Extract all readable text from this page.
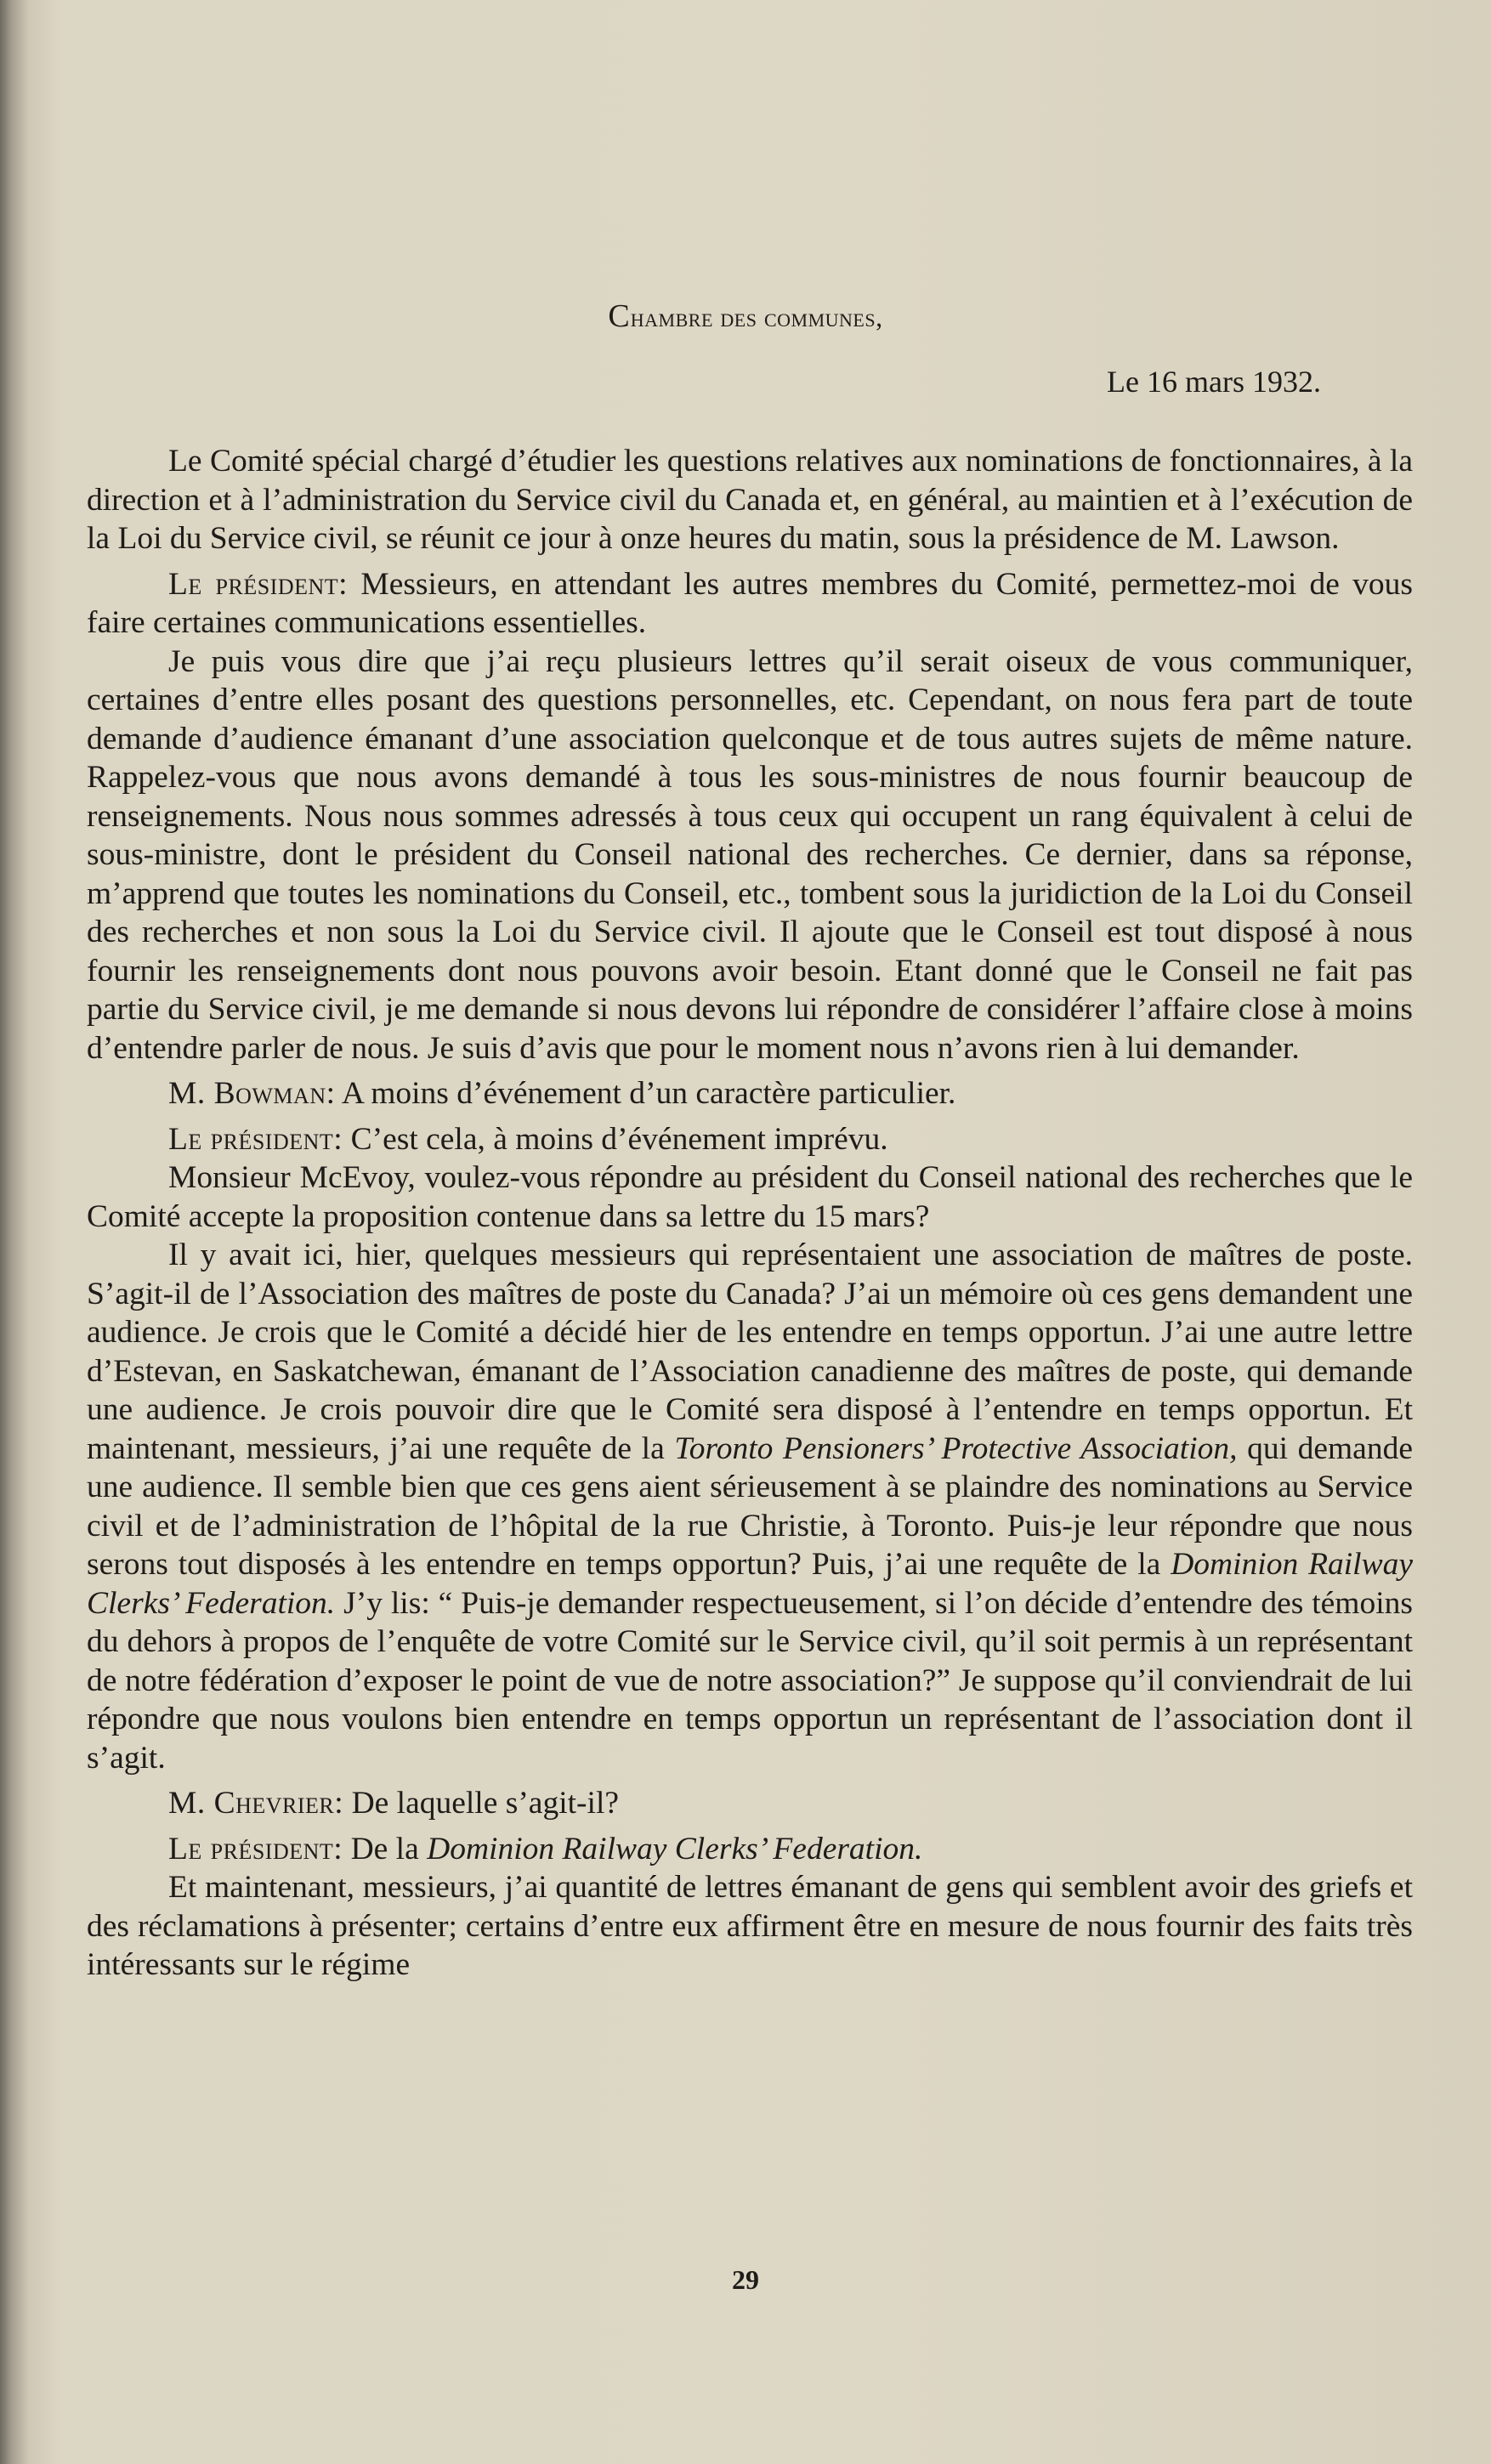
Chambre des communes,
Le 16 mars 1932.

Le Comité spécial chargé d’étudier les questions relatives aux nominations de fonctionnaires, à la direction et à l’administration du Service civil du Canada et, en général, au maintien et à l’exécution de la Loi du Service civil, se réunit ce jour à onze heures du matin, sous la présidence de M. Lawson.

Le président: Messieurs, en attendant les autres membres du Comité, permettez-moi de vous faire certaines communications essentielles.

Je puis vous dire que j’ai reçu plusieurs lettres qu’il serait oiseux de vous communiquer, certaines d’entre elles posant des questions personnelles, etc. Cependant, on nous fera part de toute demande d’audience émanant d’une association quelconque et de tous autres sujets de même nature. Rappelez-vous que nous avons demandé à tous les sous-ministres de nous fournir beaucoup de renseignements. Nous nous sommes adressés à tous ceux qui occupent un rang équivalent à celui de sous-ministre, dont le président du Conseil national des recherches. Ce dernier, dans sa réponse, m’apprend que toutes les nominations du Conseil, etc., tombent sous la juridiction de la Loi du Conseil des recherches et non sous la Loi du Service civil. Il ajoute que le Conseil est tout disposé à nous fournir les renseignements dont nous pouvons avoir besoin. Etant donné que le Conseil ne fait pas partie du Service civil, je me demande si nous devons lui répondre de considérer l’affaire close à moins d’entendre parler de nous. Je suis d’avis que pour le moment nous n’avons rien à lui demander.

M. Bowman: A moins d’événement d’un caractère particulier.

Le président: C’est cela, à moins d’événement imprévu.

Monsieur McEvoy, voulez-vous répondre au président du Conseil national des recherches que le Comité accepte la proposition contenue dans sa lettre du 15 mars?

Il y avait ici, hier, quelques messieurs qui représentaient une association de maîtres de poste. S’agit-il de l’Association des maîtres de poste du Canada? J’ai un mémoire où ces gens demandent une audience. Je crois que le Comité a décidé hier de les entendre en temps opportun. J’ai une autre lettre d’Estevan, en Saskatchewan, émanant de l’Association canadienne des maîtres de poste, qui demande une audience. Je crois pouvoir dire que le Comité sera disposé à l’entendre en temps opportun. Et maintenant, messieurs, j’ai une requête de la Toronto Pensioners’ Protective Association, qui demande une audience. Il semble bien que ces gens aient sérieusement à se plaindre des nominations au Service civil et de l’administration de l’hôpital de la rue Christie, à Toronto. Puis-je leur répondre que nous serons tout disposés à les entendre en temps opportun? Puis, j’ai une requête de la Dominion Railway Clerks’ Federation. J’y lis: “ Puis-je demander respectueusement, si l’on décide d’entendre des témoins du dehors à propos de l’enquête de votre Comité sur le Service civil, qu’il soit permis à un représentant de notre fédération d’exposer le point de vue de notre association?” Je suppose qu’il conviendrait de lui répondre que nous voulons bien entendre en temps opportun un représentant de l’association dont il s’agit.

M. Chevrier: De laquelle s’agit-il?

Le président: De la Dominion Railway Clerks’ Federation.

Et maintenant, messieurs, j’ai quantité de lettres émanant de gens qui semblent avoir des griefs et des réclamations à présenter; certains d’entre eux affirment être en mesure de nous fournir des faits très intéressants sur le régime

29
